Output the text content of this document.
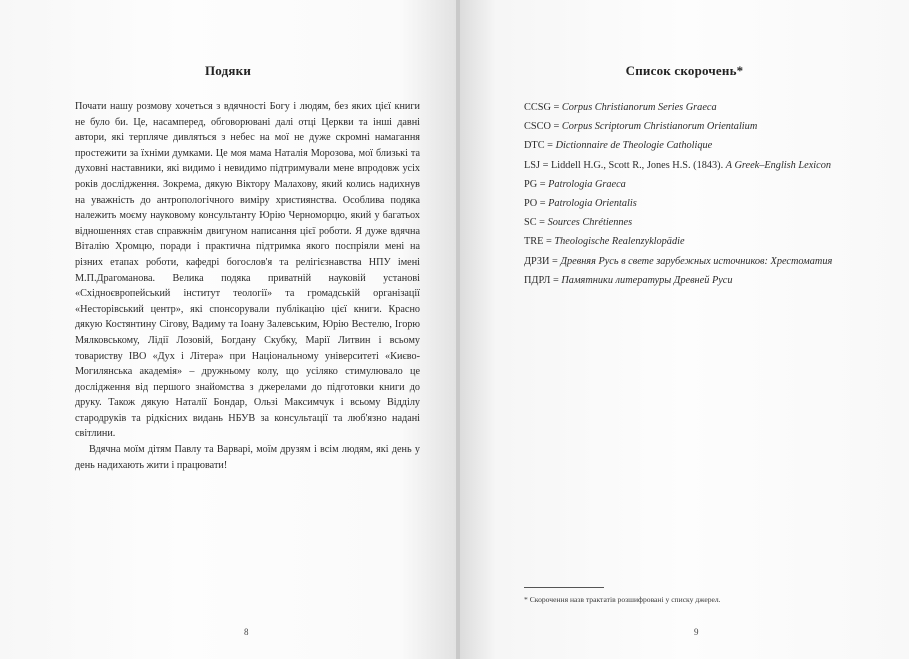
Подяки

Почати нашу розмову хочеться з вдячності Богу і людям, без яких цієї книги не було би. Це, насамперед, обговорювані далі отці Церкви та інші давні автори, які терпляче дивляться з небес на мої не дуже скромні намагання простежити за їхніми думками. Це моя мама Наталія Морозова, мої близькі та духовні наставники, які видимо і невидимо підтримували мене впродовж усіх років дослідження. Зокрема, дякую Віктору Малахову, який колись надихнув на уважність до антропологічного виміру християнства. Особлива подяка належить моєму науковому консультанту Юрію Черноморцю, який у багатьох відношеннях став справжнім двигуном написання цієї роботи. Я дуже вдячна Віталію Хромцю, поради і практична підтримка якого поспріяли мені на різних етапах роботи, кафедрі богослов'я та релігієзнавства НПУ імені М.П.Драгоманова. Велика подяка приватній науковій установі «Східноєвропейський інститут теології» та громадській організації «Несторівський центр», які спонсорували публікацію цієї книги. Красно дякую Костянтину Сігову, Вадиму та Іоану Залевським, Юрію Вестелю, Ігорю Мялковському, Лідії Лозовій, Богдану Скубку, Марії Литвин і всьому товариству ІВО «Дух і Літера» при Національному університеті «Києво-Могилянська академія» – дружньому колу, що усіляко стимулювало це дослідження від першого знайомства з джерелами до підготовки книги до друку. Також дякую Наталії Бондар, Ользі Максимчук і всьому Відділу стародруків та рідкісних видань НБУВ за консультації та люб'язно надані світлини.

Вдячна моїм дітям Павлу та Варварі, моїм друзям і всім людям, які день у день надихають жити і працювати!

8
Список скорочень*
CCSG = Corpus Christianorum Series Graeca
CSCO = Corpus Scriptorum Christianorum Orientalium
DTC = Dictionnaire de Theologie Catholique
LSJ = Liddell H.G., Scott R., Jones H.S. (1843). A Greek–English Lexicon
PG = Patrologia Graeca
PO = Patrologia Orientalis
SC = Sources Chrétiennes
TRE = Theologische Realenzyklopädie
ДРЗИ = Древняя Русь в свете зарубежных источников: Хрестоматия
ПДРЛ = Памятники литературы Древней Руси
* Скорочення назв трактатів розшифровані у списку джерел.
9
